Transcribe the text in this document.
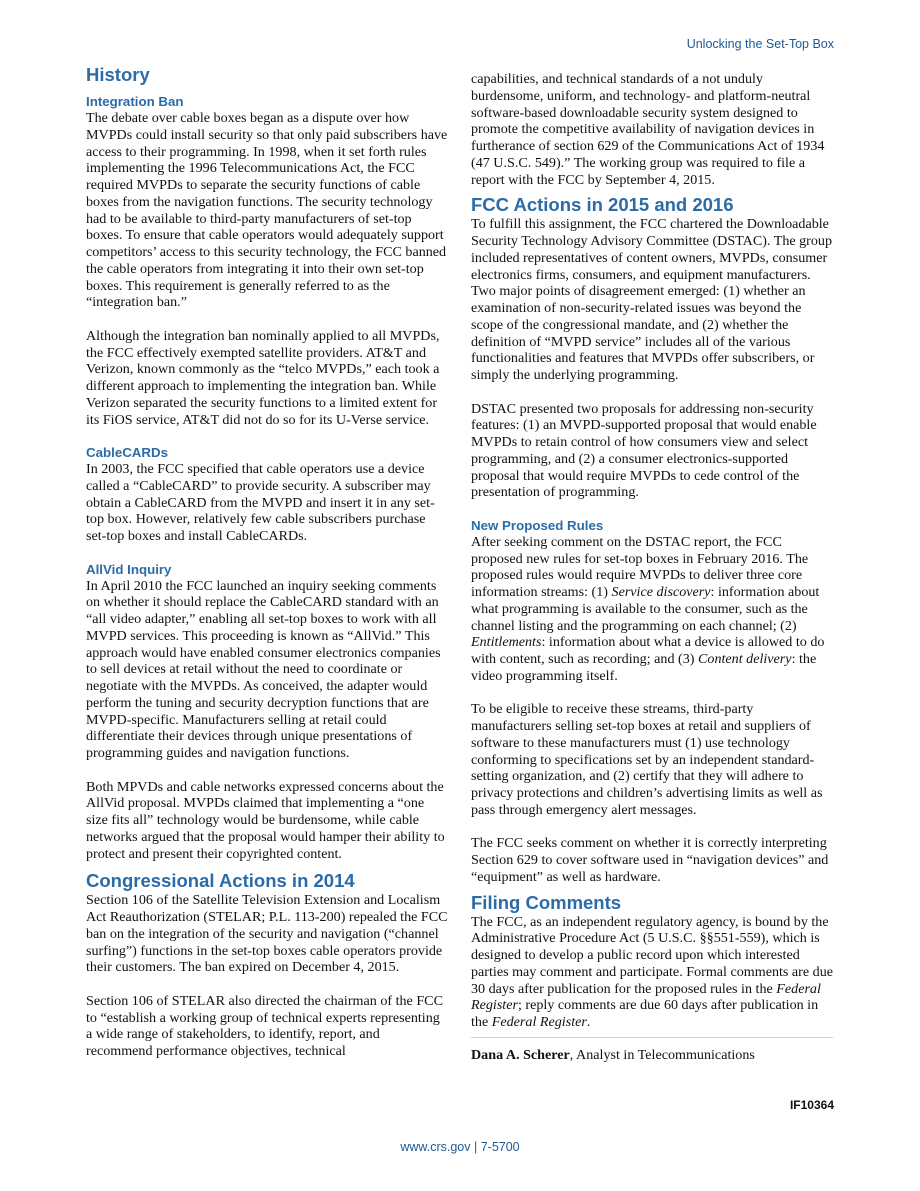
Unlocking the Set-Top Box
History
Integration Ban

The debate over cable boxes began as a dispute over how MVPDs could install security so that only paid subscribers have access to their programming. In 1998, when it set forth rules implementing the 1996 Telecommunications Act, the FCC required MVPDs to separate the security functions of cable boxes from the navigation functions. The security technology had to be available to third-party manufacturers of set-top boxes. To ensure that cable operators would adequately support competitors’ access to this security technology, the FCC banned the cable operators from integrating it into their own set-top boxes. This requirement is generally referred to as the “integration ban.”

Although the integration ban nominally applied to all MVPDs, the FCC effectively exempted satellite providers. AT&T and Verizon, known commonly as the “telco MVPDs,” each took a different approach to implementing the integration ban. While Verizon separated the security functions to a limited extent for its FiOS service, AT&T did not do so for its U-Verse service.

CableCARDs

In 2003, the FCC specified that cable operators use a device called a “CableCARD” to provide security. A subscriber may obtain a CableCARD from the MVPD and insert it in any set-top box. However, relatively few cable subscribers purchase set-top boxes and install CableCARDs.

AllVid Inquiry

In April 2010 the FCC launched an inquiry seeking comments on whether it should replace the CableCARD standard with an “all video adapter,” enabling all set-top boxes to work with all MVPD services. This proceeding is known as “AllVid.” This approach would have enabled consumer electronics companies to sell devices at retail without the need to coordinate or negotiate with the MVPDs. As conceived, the adapter would perform the tuning and security decryption functions that are MVPD-specific. Manufacturers selling at retail could differentiate their devices through unique presentations of programming guides and navigation functions.

Both MPVDs and cable networks expressed concerns about the AllVid proposal. MVPDs claimed that implementing a “one size fits all” technology would be burdensome, while cable networks argued that the proposal would hamper their ability to protect and present their copyrighted content.

Congressional Actions in 2014

Section 106 of the Satellite Television Extension and Localism Act Reauthorization (STELAR; P.L. 113-200) repealed the FCC ban on the integration of the security and navigation (“channel surfing”) functions in the set-top boxes cable operators provide their customers. The ban expired on December 4, 2015.

Section 106 of STELAR also directed the chairman of the FCC to “establish a working group of technical experts representing a wide range of stakeholders, to identify, report, and recommend performance objectives, technical

capabilities, and technical standards of a not unduly burdensome, uniform, and technology- and platform-neutral software-based downloadable security system designed to promote the competitive availability of navigation devices in furtherance of section 629 of the Communications Act of 1934 (47 U.S.C. 549).” The working group was required to file a report with the FCC by September 4, 2015.

FCC Actions in 2015 and 2016

To fulfill this assignment, the FCC chartered the Downloadable Security Technology Advisory Committee (DSTAC). The group included representatives of content owners, MVPDs, consumer electronics firms, consumers, and equipment manufacturers. Two major points of disagreement emerged: (1) whether an examination of non-security-related issues was beyond the scope of the congressional mandate, and (2) whether the definition of “MVPD service” includes all of the various functionalities and features that MVPDs offer subscribers, or simply the underlying programming.

DSTAC presented two proposals for addressing non-security features: (1) an MVPD-supported proposal that would enable MVPDs to retain control of how consumers view and select programming, and (2) a consumer electronics-supported proposal that would require MVPDs to cede control of the presentation of programming.

New Proposed Rules

After seeking comment on the DSTAC report, the FCC proposed new rules for set-top boxes in February 2016. The proposed rules would require MVPDs to deliver three core information streams: (1) Service discovery: information about what programming is available to the consumer, such as the channel listing and the programming on each channel; (2) Entitlements: information about what a device is allowed to do with content, such as recording; and (3) Content delivery: the video programming itself.

To be eligible to receive these streams, third-party manufacturers selling set-top boxes at retail and suppliers of software to these manufacturers must (1) use technology conforming to specifications set by an independent standard-setting organization, and (2) certify that they will adhere to privacy protections and children’s advertising limits as well as pass through emergency alert messages.

The FCC seeks comment on whether it is correctly interpreting Section 629 to cover software used in “navigation devices” and “equipment” as well as hardware.

Filing Comments

The FCC, as an independent regulatory agency, is bound by the Administrative Procedure Act (5 U.S.C. §§551-559), which is designed to develop a public record upon which interested parties may comment and participate. Formal comments are due 30 days after publication for the proposed rules in the Federal Register; reply comments are due 60 days after publication in the Federal Register.

Dana A. Scherer, Analyst in Telecommunications

IF10364
www.crs.gov | 7-5700
